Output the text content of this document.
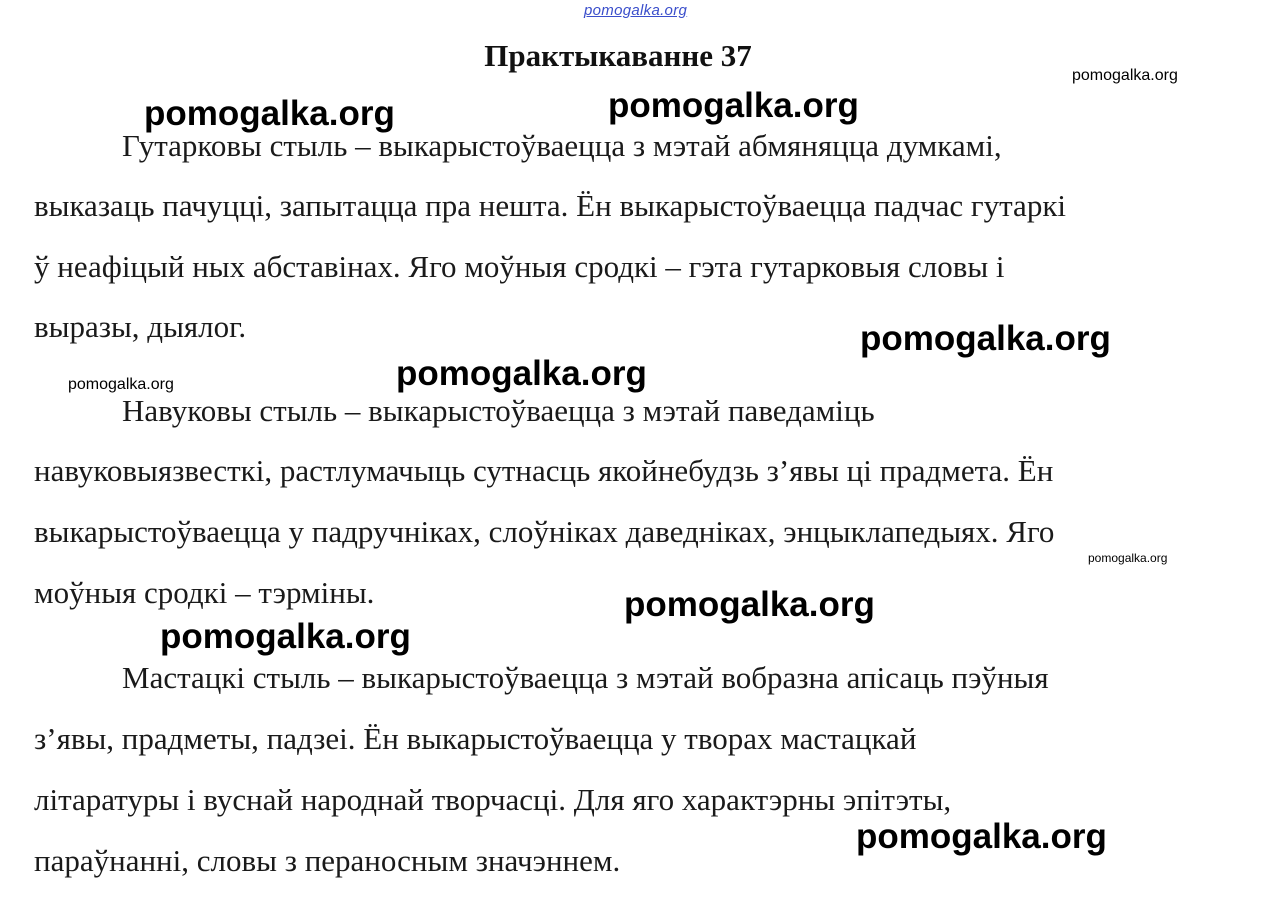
pomogalka.org
Практыкаванне 37
Гутарковы стыль – выкарыстоўваецца з мэтай абмяняцца думкамі,
выказаць пачуцці, запытацца пра нешта. Ён выкарыстоўваецца падчас гутаркі
ў неафіцый ных абставінах. Яго моўныя сродкі – гэта гутарковыя словы і
выразы, дыялог.
Навуковы стыль – выкарыстоўваецца з мэтай паведаміць
навуковыязвесткі, растлумачыць сутнасць якойнебудзь з’явы ці прадмета. Ён
выкарыстоўваецца у падручніках, слоўніках даведніках, энцыклапедыях. Яго
моўныя сродкі – тэрміны.
Мастацкі стыль – выкарыстоўваецца з мэтай вобразна апісаць пэўныя
з’явы, прадметы, падзеі. Ён выкарыстоўваецца у творах мастацкай
літаратуры і вуснай народнай творчасці. Для яго характэрны эпітэты,
параўнанні, словы з пераносным значэннем.
pomogalka.org
pomogalka.org	pomogalka.org
pomogalka.org
pomogalka.org
pomogalka.org
pomogalka.org
pomogalka.org
pomogalka.org
pomogalka.org
